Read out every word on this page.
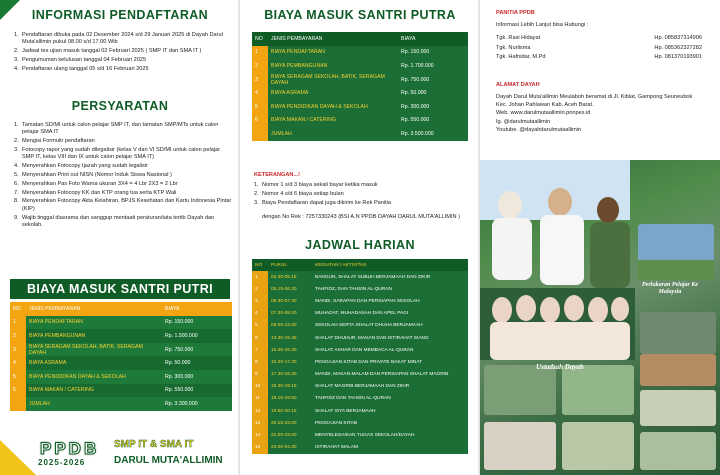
INFORMASI PENDAFTARAN
1. Pendaftaran dibuka pada 02 Desember 2024 s/d 29 Januari 2025 di Dayah Darul Muta'allimin pukul 08.00 s/d 17.00 Wib
2. Jadwal tes ujian masuk tanggal 02 Februari 2025 ( SMP IT dan SMA IT )
3. Pengumuman kelulusan tanggal 04 Februari 2025
4. Pendaftaran ulang tanggal 05 s/d 16 Februari 2025
PERSYARATAN
1. Tamatan SD/MI untuk calon pelajar SMP IT, dan tamatan SMP/MTs untuk calon pelajar SMA IT
2. Mengisi Formulir pendaftaran
3. Fotocopy rapor yang sudah dilegalisir (kelas V dan VI SD/MI untuk calon pelajar SMP IT, kelas VIII dan IX untuk calon pelajar SMA IT)
4. Menyerahkan Fotocopy Ijazah yang sudah legalisir
5. Menyerahkan Print out NISN (Nomor Induk Siswa Nasional )
6. Menyerahkan Pas Foto Warna ukuran 3X4 = 4 Lbr 2X3 = 2 Lbr
7. Menyerahkan Fotocopy KK dan KTP orang tua serta KTP Wali
8. Menyerahkan Fotocopy Akta Kelahiran, BPJS Kesehatan dan Kartu Indonesia Pintar (KIP)
9. Wajib tinggal diasrama dan sanggup mentaati peraturan/tata tertib Dayah dan sekolah.
BIAYA MASUK SANTRI PUTRI
NO	JENIS PEMBAYARAN	BIAYA
1	BIAYA PENDAFTARAN	Rp. 150.000
2	BIAYA PEMBANGUNAN	Rp. 1.500.000
3	BIAYA SERAGAM SEKOLAH, BATIK, SERAGAM DAYAH	Rp. 750.000
4	BIAYA ASRAMA	Rp. 50.000
5	BIAYA PENDIDIKAN DAYAH & SEKOLAH	Rp. 300.000
6	BIAYA MAKAN / CATERING	Rp. 550.000
	JUMLAH	Rp. 3.300.000
PPDB
2025-2026
SMP IT & SMA IT
DARUL MUTA'ALLIMIN
BIAYA MASUK SANTRI PUTRA
NO	JENIS PEMBAYARAN	BIAYA
1	BIAYA PENDAFTARAN	Rp. 150.000
2	BIAYA PEMBANGUNAN	Rp. 1.700.000
3	BIAYA SERAGAM SEKOLAH, BATIK, SERAGAM DAYAH	Rp. 750.000
4	BIAYA ASRAMA	Rp. 50.000
5	BIAYA PENDIDIKAN DAYAH & SEKOLAH	Rp. 300.000
6	BIAYA MAKAN / CATERING	Rp. 550.000
	JUMLAH	Rp. 3.500.000
KETERANGAN...!
1. Nomor 1 s/d 3 biaya sekali bayar ketika masuk
2. Nomor 4 s/d 6 biaya setiap bulan
3. Biaya Pendaftaran dapat juga dikirim ke Rek Panitia
dengan No Rek : 7257330243 (BSI A.N PPDB DAYAH DARUL MUTA'ALLIMIN )
JADWAL HARIAN
NO	PUKUL	KEGIATAN / AKTIVITAS
1	04.30-05.15	BANGUN, SHALAT SUBUH BERJAMAAH DAN ZIKIR
2	05.15-06.30	TAHFIDZ, DAN TAHSIN AL-QURAN
3	06.30-07.30	MANDI, SARAPAN DAN PERSIAPAN SEKOLAH
4	07.30-08.00	MUHADAT, MUHADASAH DAN APEL PAGI
5	08.00-13.30	SEKOLAH SERTA SHALAT DHUHA BERJAMAAH
6	13.30-15.45	SHALAT DHUHUR, MAKAN DAN ISTIRAHAT SIANG
7	15.45-16.30	SHALAT ASHAR DAN MEMBACA AL-QURAN
8	16.30-17.30	PENGAJIAN KITAB DAN PRIVATE BAKAT MINAT
9	17.30-18.30	MANDI, MAKAN MALAM DAN PERSIAPAN SHALAT MAGRIB
10	18.30-19.15	SHALAT MAGRIB BERJAMAAH DAN ZIKIR
11	19.15-19.50	TAHFIDZ DAN TAHSIN AL-QURAN
12	19.50-20.15	SHALAT ISYA BERJAMAAH
13	20.15-22.00	PENGAJIAN KITAB
14	22.00-23.00	MENYELESAIKAN TUGAS SEKOLAH/DAYAH
15	23.00-04.30	ISTIRAHAT MALAM
PANITIA PPDB
Informasi Lebih Lanjut bisa Hubungi :
Tgk. Rasi Hidayat	Hp. 085837314906
Tgk. Nurlisma	Hp. 085362327282
Tgk. Hafnidar, M.Pd	Hp. 081370193901
ALAMAT DAYAH
Dayah Darul Muta'allimin Meulaboh beramat di Jl. Kiblat, Gampong Seuneubok Kec. Johan Pahlawan Kab. Aceh Barat.
Web. www.darulmutaallimin.ponpes.id
Ig. @darulmutaallimin
Youtube. @dayahdarulmutaallimin
Perlukaran Pelajar Ke Malaysia
Ustadzah Dayah
